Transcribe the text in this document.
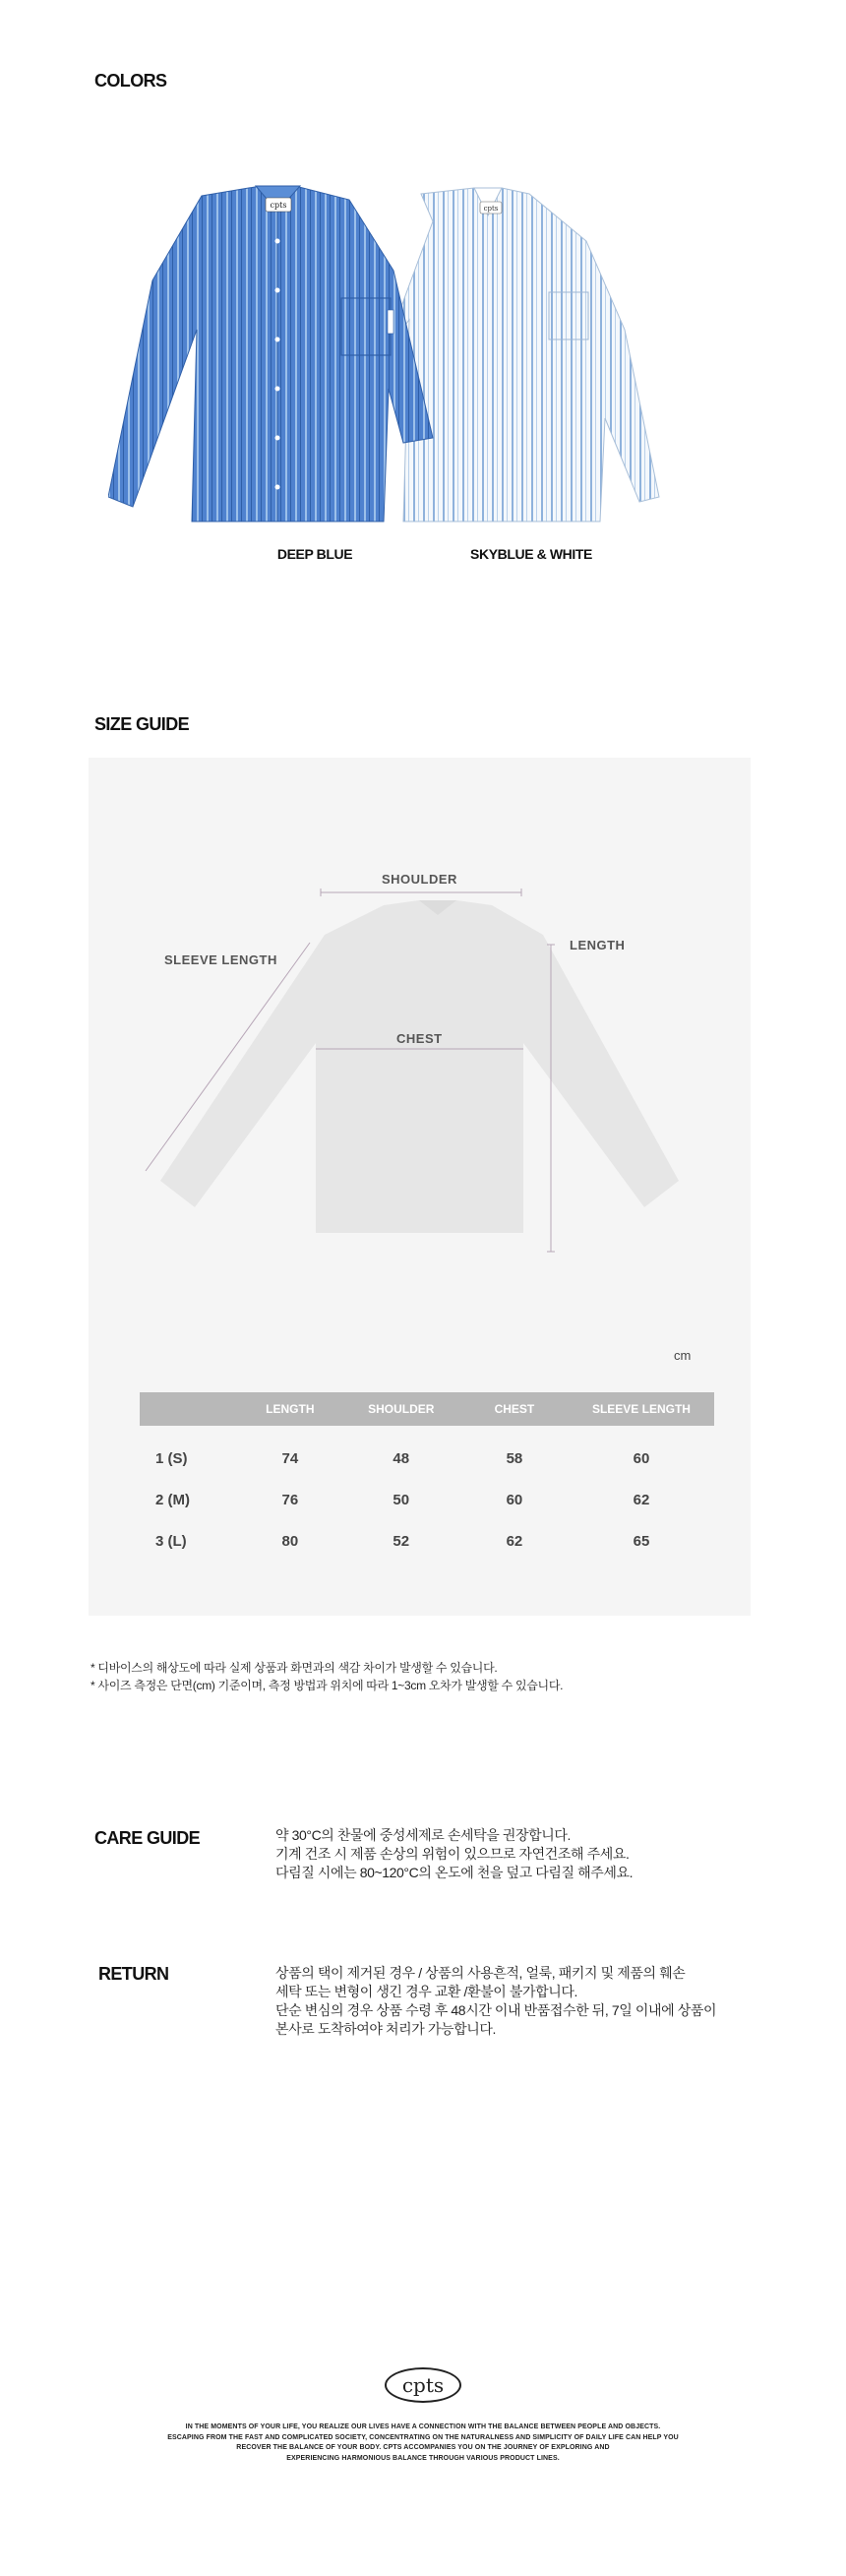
COLORS
cpts
cpts
DEEP BLUE	SKYBLUE & WHITE
SIZE GUIDE
SHOULDER
SLEEVE LENGTH
LENGTH
CHEST
cm
	LENGTH	SHOULDER	CHEST	SLEEVE LENGTH

1 (S)	74	48	58	60
2 (M)	76	50	60	62
3 (L)	80	52	62	65

* 디바이스의 해상도에 따라 실제 상품과 화면과의 색감 차이가 발생할 수 있습니다.

* 사이즈 측정은 단면(cm) 기준이며, 측정 방법과 위치에 따라 1~3cm 오차가 발생할 수 있습니다.

CARE GUIDE	약 30°C의 찬물에 중성세제로 손세탁을 권장합니다.

기계 건조 시 제품 손상의 위험이 있으므로 자연건조해 주세요.

다림질 시에는 80~120°C의 온도에 천을 덮고 다림질 해주세요.

RETURN	상품의 택이 제거된 경우 / 상품의 사용흔적, 얼룩, 패키지 및 제품의 훼손

세탁 또는 변형이 생긴 경우 교환 /환불이 불가합니다.

단순 변심의 경우 상품 수령 후 48시간 이내 반품접수한 뒤, 7일 이내에 상품이

본사로 도착하여야 처리가 가능합니다.

cpts

IN THE MOMENTS OF YOUR LIFE, YOU REALIZE OUR LIVES HAVE A CONNECTION WITH THE BALANCE BETWEEN PEOPLE AND OBJECTS.

ESCAPING FROM THE FAST AND COMPLICATED SOCIETY, CONCENTRATING ON THE NATURALNESS AND SIMPLICITY OF DAILY LIFE CAN HELP YOU

RECOVER THE BALANCE OF YOUR BODY. CPTS ACCOMPANIES YOU ON THE JOURNEY OF EXPLORING AND

EXPERIENCING HARMONIOUS BALANCE THROUGH VARIOUS PRODUCT LINES.
